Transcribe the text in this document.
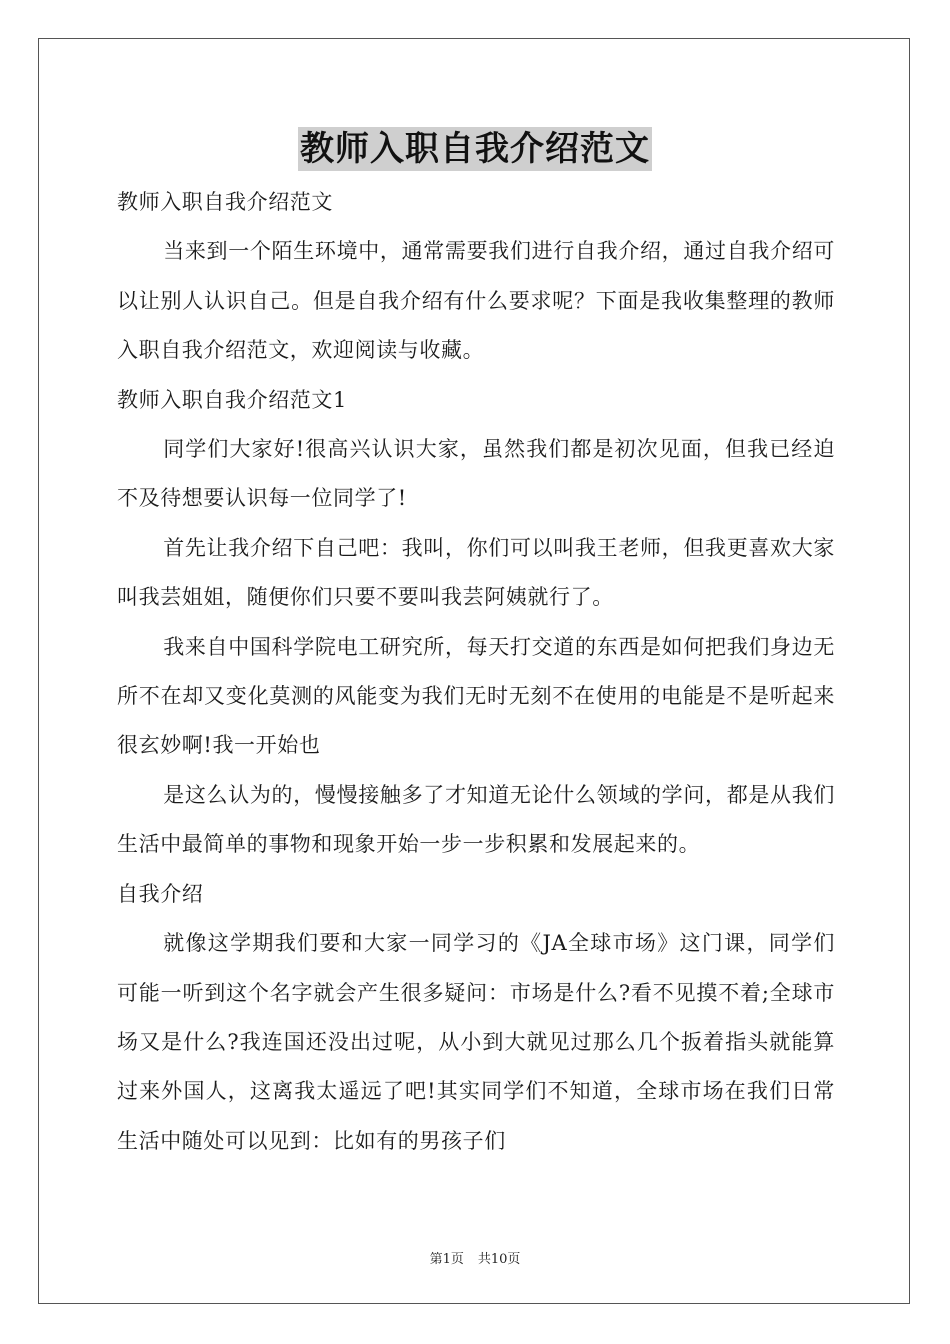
教师入职自我介绍范文

教师入职自我介绍范文

当来到一个陌生环境中，通常需要我们进行自我介绍，通过自我介绍可以让别人认识自己。但是自我介绍有什么要求呢？下面是我收集整理的教师入职自我介绍范文，欢迎阅读与收藏。

教师入职自我介绍范文1

同学们大家好!很高兴认识大家，虽然我们都是初次见面，但我已经迫不及待想要认识每一位同学了!

首先让我介绍下自己吧：我叫，你们可以叫我王老师，但我更喜欢大家叫我芸姐姐，随便你们只要不要叫我芸阿姨就行了。

我来自中国科学院电工研究所，每天打交道的东西是如何把我们身边无所不在却又变化莫测的风能变为我们无时无刻不在使用的电能是不是听起来很玄妙啊!我一开始也

是这么认为的，慢慢接触多了才知道无论什么领域的学问，都是从我们生活中最简单的事物和现象开始一步一步积累和发展起来的。

自我介绍

就像这学期我们要和大家一同学习的《JA全球市场》这门课，同学们可能一听到这个名字就会产生很多疑问：市场是什么?看不见摸不着;全球市场又是什么?我连国还没出过呢，从小到大就见过那么几个扳着指头就能算过来外国人，这离我太遥远了吧!其实同学们不知道，全球市场在我们日常生活中随处可以见到：比如有的男孩子们

第1页 共10页
